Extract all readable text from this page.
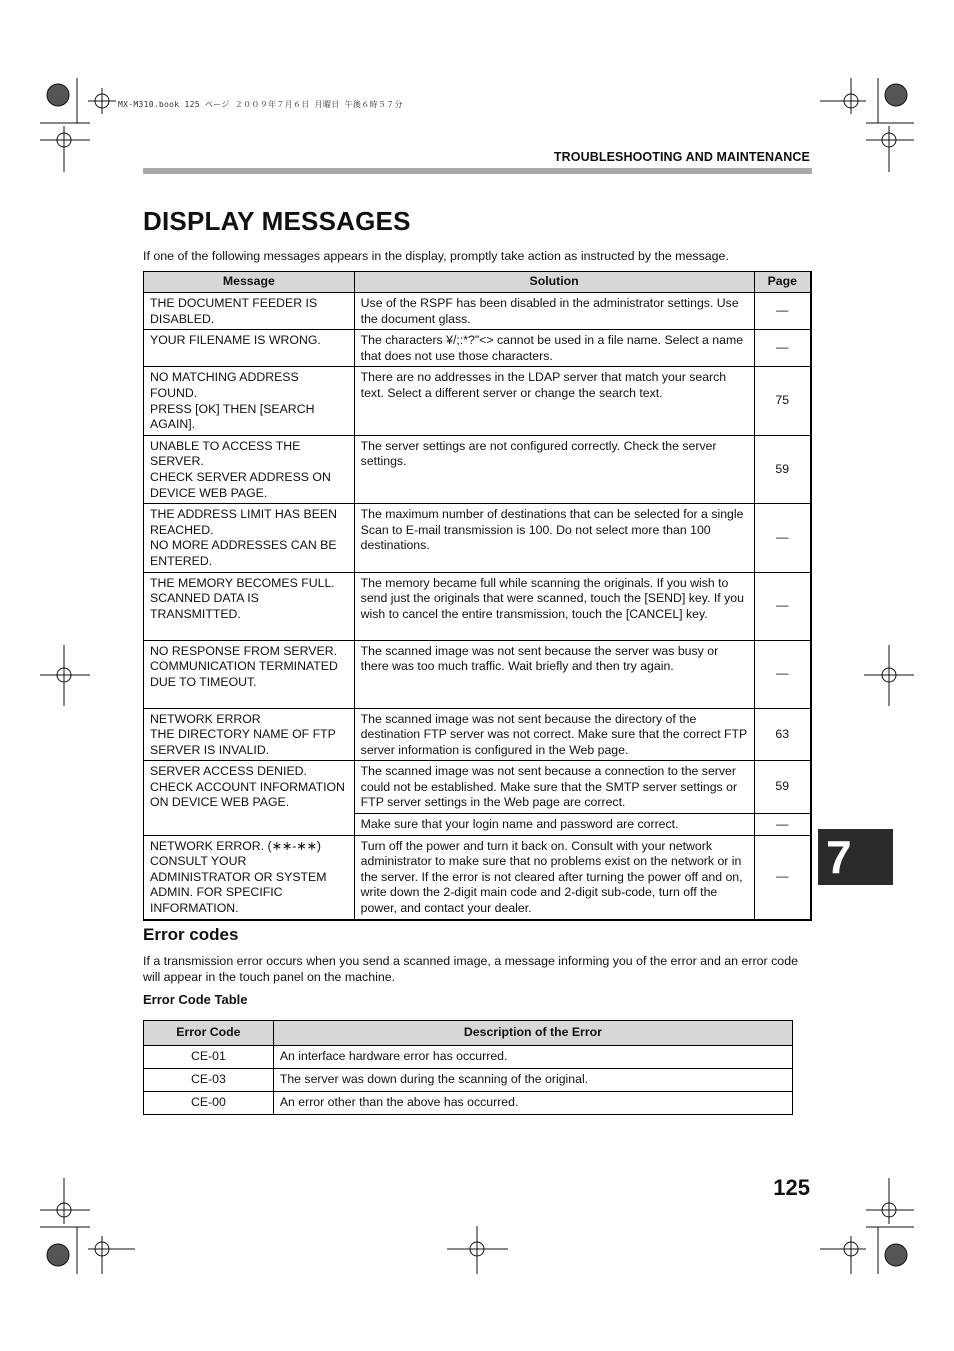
MX-M310.book 125 ページ ２００９年７月６日 月曜日 午後６時５７分
TROUBLESHOOTING AND MAINTENANCE
DISPLAY MESSAGES
If one of the following messages appears in the display, promptly take action as instructed by the message.
Message	Solution	Page
THE DOCUMENT FEEDER IS DISABLED.	Use of the RSPF has been disabled in the administrator settings. Use the document glass.	—
YOUR FILENAME IS WRONG.	The characters ¥/;:*?"<> cannot be used in a file name. Select a name that does not use those characters.	—
NO MATCHING ADDRESS FOUND.
PRESS [OK] THEN [SEARCH AGAIN].	There are no addresses in the LDAP server that match your search text. Select a different server or change the search text.	75
UNABLE TO ACCESS THE SERVER.
CHECK SERVER ADDRESS ON DEVICE WEB PAGE.	The server settings are not configured correctly. Check the server settings.	59
THE ADDRESS LIMIT HAS BEEN REACHED.
NO MORE ADDRESSES CAN BE ENTERED.	The maximum number of destinations that can be selected for a single Scan to E-mail transmission is 100. Do not select more than 100 destinations.	—
THE MEMORY BECOMES FULL. SCANNED DATA IS TRANSMITTED.	The memory became full while scanning the originals. If you wish to send just the originals that were scanned, touch the [SEND] key. If you wish to cancel the entire transmission, touch the [CANCEL] key.	—
NO RESPONSE FROM SERVER. COMMUNICATION TERMINATED DUE TO TIMEOUT.	The scanned image was not sent because the server was busy or there was too much traffic. Wait briefly and then try again.	—
NETWORK ERROR
THE DIRECTORY NAME OF FTP SERVER IS INVALID.	The scanned image was not sent because the directory of the destination FTP server was not correct. Make sure that the correct FTP server information is configured in the Web page.	63
SERVER ACCESS DENIED. CHECK ACCOUNT INFORMATION ON DEVICE WEB PAGE.	The scanned image was not sent because a connection to the server could not be established. Make sure that the SMTP server settings or FTP server settings in the Web page are correct.	59
	Make sure that your login name and password are correct.	—
NETWORK ERROR. (∗∗-∗∗)
CONSULT YOUR ADMINISTRATOR OR SYSTEM ADMIN. FOR SPECIFIC INFORMATION.	Turn off the power and turn it back on. Consult with your network administrator to make sure that no problems exist on the network or in the server. If the error is not cleared after turning the power off and on, write down the 2-digit main code and 2-digit sub-code, turn off the power, and contact your dealer.	—
Error codes
If a transmission error occurs when you send a scanned image, a message informing you of the error and an error code will appear in the touch panel on the machine.
Error Code Table
Error Code	Description of the Error
CE-01	An interface hardware error has occurred.
CE-03	The server was down during the scanning of the original.
CE-00	An error other than the above has occurred.
7
125
